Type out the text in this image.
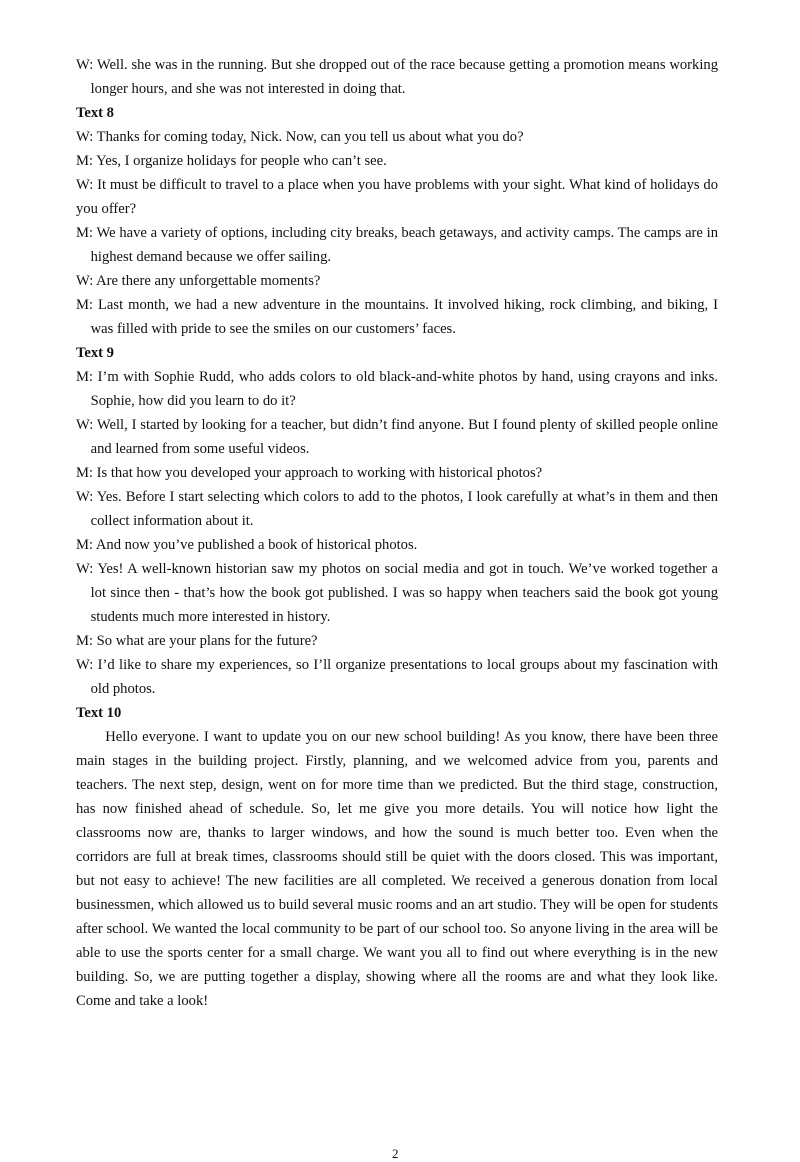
W: Well. she was in the running. But she dropped out of the race because getting a promotion means working longer hours, and she was not interested in doing that.

Text 8

W: Thanks for coming today, Nick. Now, can you tell us about what you do?

M: Yes, I organize holidays for people who can’t see.

W: It must be difficult to travel to a place when you have problems with your sight. What kind of holidays do you offer?

M: We have a variety of options, including city breaks, beach getaways, and activity camps. The camps are in highest demand because we offer sailing.

W: Are there any unforgettable moments?

M: Last month, we had a new adventure in the mountains. It involved hiking, rock climbing, and biking, I was filled with pride to see the smiles on our customers’ faces.

Text 9

M: I’m with Sophie Rudd, who adds colors to old black-and-white photos by hand, using crayons and inks. Sophie, how did you learn to do it?

W: Well, I started by looking for a teacher, but didn’t find anyone. But I found plenty of skilled people online and learned from some useful videos.

M: Is that how you developed your approach to working with historical photos?

W: Yes. Before I start selecting which colors to add to the photos, I look carefully at what’s in them and then collect information about it.

M: And now you’ve published a book of historical photos.

W: Yes! A well-known historian saw my photos on social media and got in touch. We’ve worked together a lot since then - that’s how the book got published. I was so happy when teachers said the book got young students much more interested in history.

M: So what are your plans for the future?

W: I’d like to share my experiences, so I’ll organize presentations to local groups about my fascination with old photos.

Text 10

Hello everyone. I want to update you on our new school building! As you know, there have been three main stages in the building project. Firstly, planning, and we welcomed advice from you, parents and teachers. The next step, design, went on for more time than we predicted. But the third stage, construction, has now finished ahead of schedule. So, let me give you more details. You will notice how light the classrooms now are, thanks to larger windows, and how the sound is much better too. Even when the corridors are full at break times, classrooms should still be quiet with the doors closed. This was important, but not easy to achieve! The new facilities are all completed. We received a generous donation from local businessmen, which allowed us to build several music rooms and an art studio. They will be open for students after school. We wanted the local community to be part of our school too. So anyone living in the area will be able to use the sports center for a small charge. We want you all to find out where everything is in the new building. So, we are putting together a display, showing where all the rooms are and what they look like. Come and take a look!

2
